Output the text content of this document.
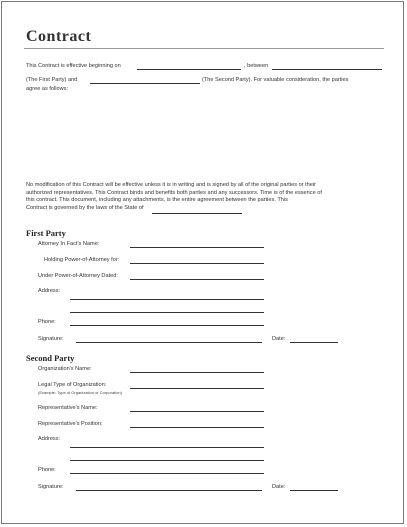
Contract
This Contract is effective beginning on	, between
(The First Party) and	(The Second Party). For valuable consideration, the parties
agree as follows:
No modification of this Contract will be effective unless it is in writing and is signed by all of the original parties or their
authorized representatives. This Contract binds and benefits both parties and any successors. Time is of the essence of
this contract. This document, including any attachments, is the entire agreement between the parties. This
Contract is governed by the laws of the State of
First Party
Attorney In Fact's Name:
Holding Power-of-Attorney for:
Under Power-of-Attorney Dated:
Address:
Phone:
Signature:	Date:
Second Party
Organization's Name:
Legal Type of Organization:
(Example: Type of Organization or Corporation)
Representative's Name:
Representative's Position:
Address:
Phone:
Signature:	Date:
